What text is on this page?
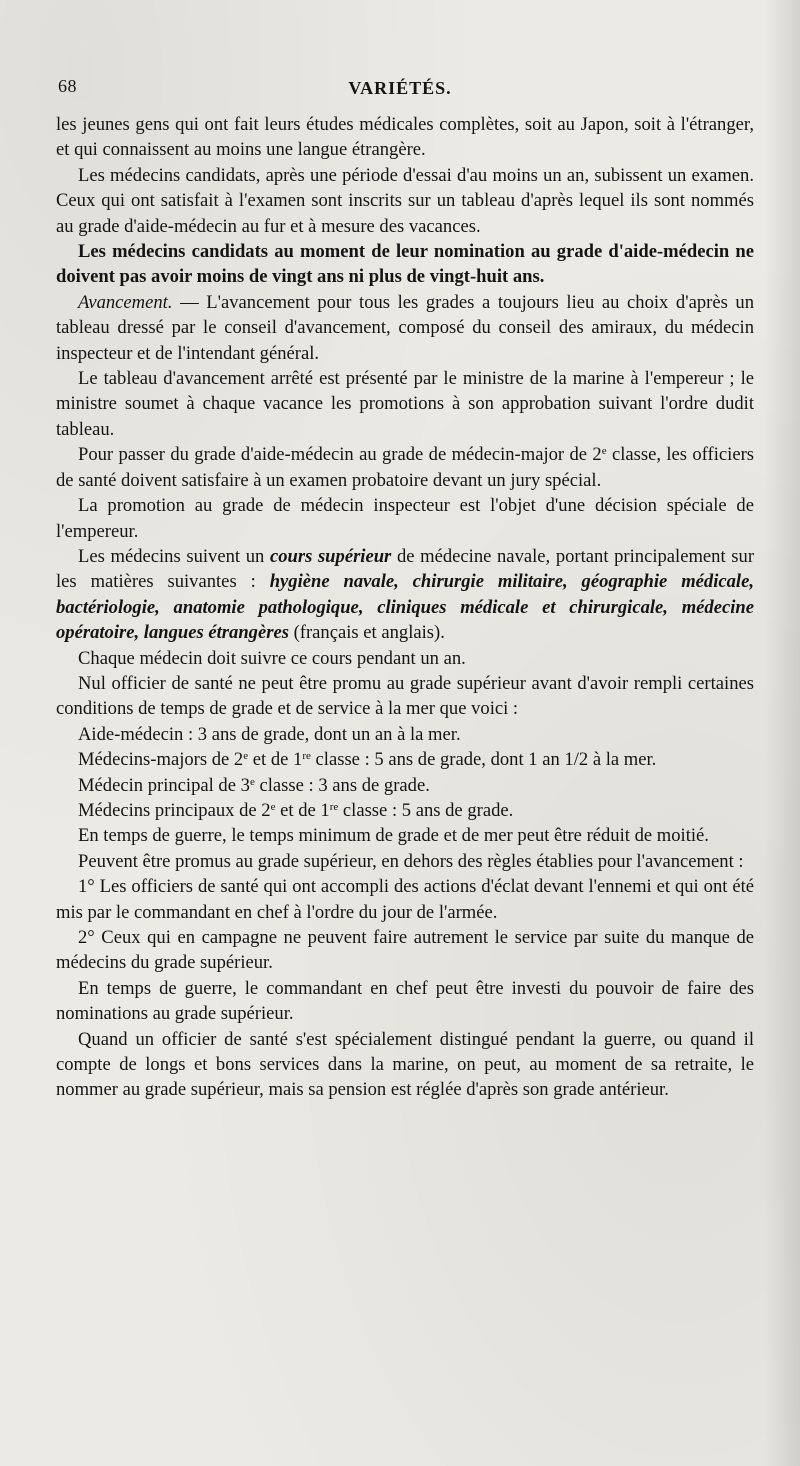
68	VARIÉTÉS.

les jeunes gens qui ont fait leurs études médicales complètes, soit au Japon, soit à l'étranger, et qui connaissent au moins une langue étrangère.

Les médecins candidats, après une période d'essai d'au moins un an, subissent un examen. Ceux qui ont satisfait à l'examen sont inscrits sur un tableau d'après lequel ils sont nommés au grade d'aide-médecin au fur et à mesure des vacances.

Les médecins candidats au moment de leur nomination au grade d'aide-médecin ne doivent pas avoir moins de vingt ans ni plus de vingt-huit ans.

Avancement. — L'avancement pour tous les grades a toujours lieu au choix d'après un tableau dressé par le conseil d'avancement, composé du conseil des amiraux, du médecin inspecteur et de l'intendant général.

Le tableau d'avancement arrêté est présenté par le ministre de la marine à l'empereur ; le ministre soumet à chaque vacance les promotions à son approbation suivant l'ordre dudit tableau.

Pour passer du grade d'aide-médecin au grade de médecin-major de 2e classe, les officiers de santé doivent satisfaire à un examen probatoire devant un jury spécial.

La promotion au grade de médecin inspecteur est l'objet d'une décision spéciale de l'empereur.

Les médecins suivent un cours supérieur de médecine navale, portant principalement sur les matières suivantes : hygiène navale, chirurgie militaire, géographie médicale, bactériologie, anatomie pathologique, cliniques médicale et chirurgicale, médecine opératoire, langues étrangères (français et anglais).

Chaque médecin doit suivre ce cours pendant un an.

Nul officier de santé ne peut être promu au grade supérieur avant d'avoir rempli certaines conditions de temps de grade et de service à la mer que voici :

Aide-médecin : 3 ans de grade, dont un an à la mer.
Médecins-majors de 2e et de 1re classe : 5 ans de grade, dont 1 an 1/2 à la mer.
Médecin principal de 3e classe : 3 ans de grade.
Médecins principaux de 2e et de 1re classe : 5 ans de grade.

En temps de guerre, le temps minimum de grade et de mer peut être réduit de moitié.

Peuvent être promus au grade supérieur, en dehors des règles établies pour l'avancement :

1° Les officiers de santé qui ont accompli des actions d'éclat devant l'ennemi et qui ont été mis par le commandant en chef à l'ordre du jour de l'armée.

2° Ceux qui en campagne ne peuvent faire autrement le service par suite du manque de médecins du grade supérieur.

En temps de guerre, le commandant en chef peut être investi du pouvoir de faire des nominations au grade supérieur.

Quand un officier de santé s'est spécialement distingué pendant la guerre, ou quand il compte de longs et bons services dans la marine, on peut, au moment de sa retraite, le nommer au grade supérieur, mais sa pension est réglée d'après son grade antérieur.
